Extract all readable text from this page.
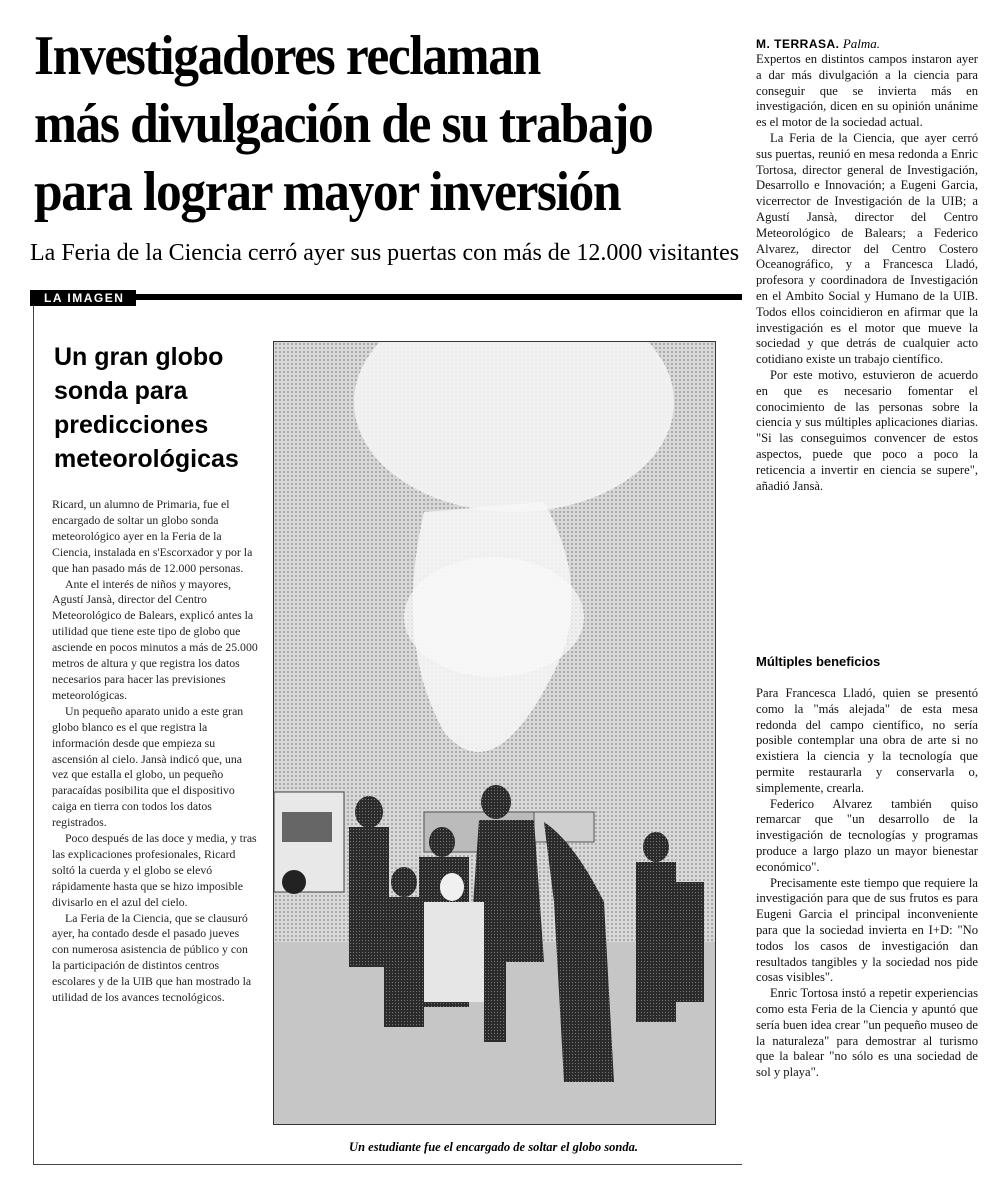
Investigadores reclaman
más divulgación de su trabajo
para lograr mayor inversión

La Feria de la Ciencia cerró ayer sus puertas con más de 12.000 visitantes

LA IMAGEN
Un gran globo sonda para predicciones meteorológicas

Ricard, un alumno de Primaria, fue el encargado de soltar un globo sonda meteorológico ayer en la Feria de la Ciencia, instalada en s'Escorxador y por la que han pasado más de 12.000 personas.

Ante el interés de niños y mayores, Agustí Jansà, director del Centro Meteorológico de Balears, explicó antes la utilidad que tiene este tipo de globo que asciende en pocos minutos a más de 25.000 metros de altura y que registra los datos necesarios para hacer las previsiones meteorológicas.

Un pequeño aparato unido a este gran globo blanco es el que registra la información desde que empieza su ascensión al cielo. Jansà indicó que, una vez que estalla el globo, un pequeño paracaídas posibilita que el dispositivo caiga en tierra con todos los datos registrados.

Poco después de las doce y media, y tras las explicaciones profesionales, Ricard soltó la cuerda y el globo se elevó rápidamente hasta que se hizo imposible divisarlo en el azul del cielo.

La Feria de la Ciencia, que se clausuró ayer, ha contado desde el pasado jueves con numerosa asistencia de público y con la participación de distintos centros escolares y de la UIB que han mostrado la utilidad de los avances tecnológicos.

Un estudiante fue el encargado de soltar el globo sonda.

M. TERRASA. Palma.

Expertos en distintos campos instaron ayer a dar más divulgación a la ciencia para conseguir que se invierta más en investigación, dicen en su opinión unánime es el motor de la sociedad actual.

La Feria de la Ciencia, que ayer cerró sus puertas, reunió en mesa redonda a Enric Tortosa, director general de Investigación, Desarrollo e Innovación; a Eugeni Garcia, vicerrector de Investigación de la UIB; a Agustí Jansà, director del Centro Meteorológico de Balears; a Federico Alvarez, director del Centro Costero Oceanográfico, y a Francesca Lladó, profesora y coordinadora de Investigación en el Ambito Social y Humano de la UIB. Todos ellos coincidieron en afirmar que la investigación es el motor que mueve la sociedad y que detrás de cualquier acto cotidiano existe un trabajo científico.

Por este motivo, estuvieron de acuerdo en que es necesario fomentar el conocimiento de las personas sobre la ciencia y sus múltiples aplicaciones diarias. "Si las conseguimos convencer de estos aspectos, puede que poco a poco la reticencia a invertir en ciencia se supere", añadió Jansà.

Múltiples beneficios

Para Francesca Lladó, quien se presentó como la "más alejada" de esta mesa redonda del campo científico, no sería posible contemplar una obra de arte si no existiera la ciencia y la tecnología que permite restaurarla y conservarla o, simplemente, crearla.

Federico Alvarez también quiso remarcar que "un desarrollo de la investigación de tecnologías y programas produce a largo plazo un mayor bienestar económico".

Precisamente este tiempo que requiere la investigación para que de sus frutos es para Eugeni Garcia el principal inconveniente para que la sociedad invierta en I+D: "No todos los casos de investigación dan resultados tangibles y la sociedad nos pide cosas visibles".

Enric Tortosa instó a repetir experiencias como esta Feria de la Ciencia y apuntó que sería buen idea crear "un pequeño museo de la naturaleza" para demostrar al turismo que la balear "no sólo es una sociedad de sol y playa".
